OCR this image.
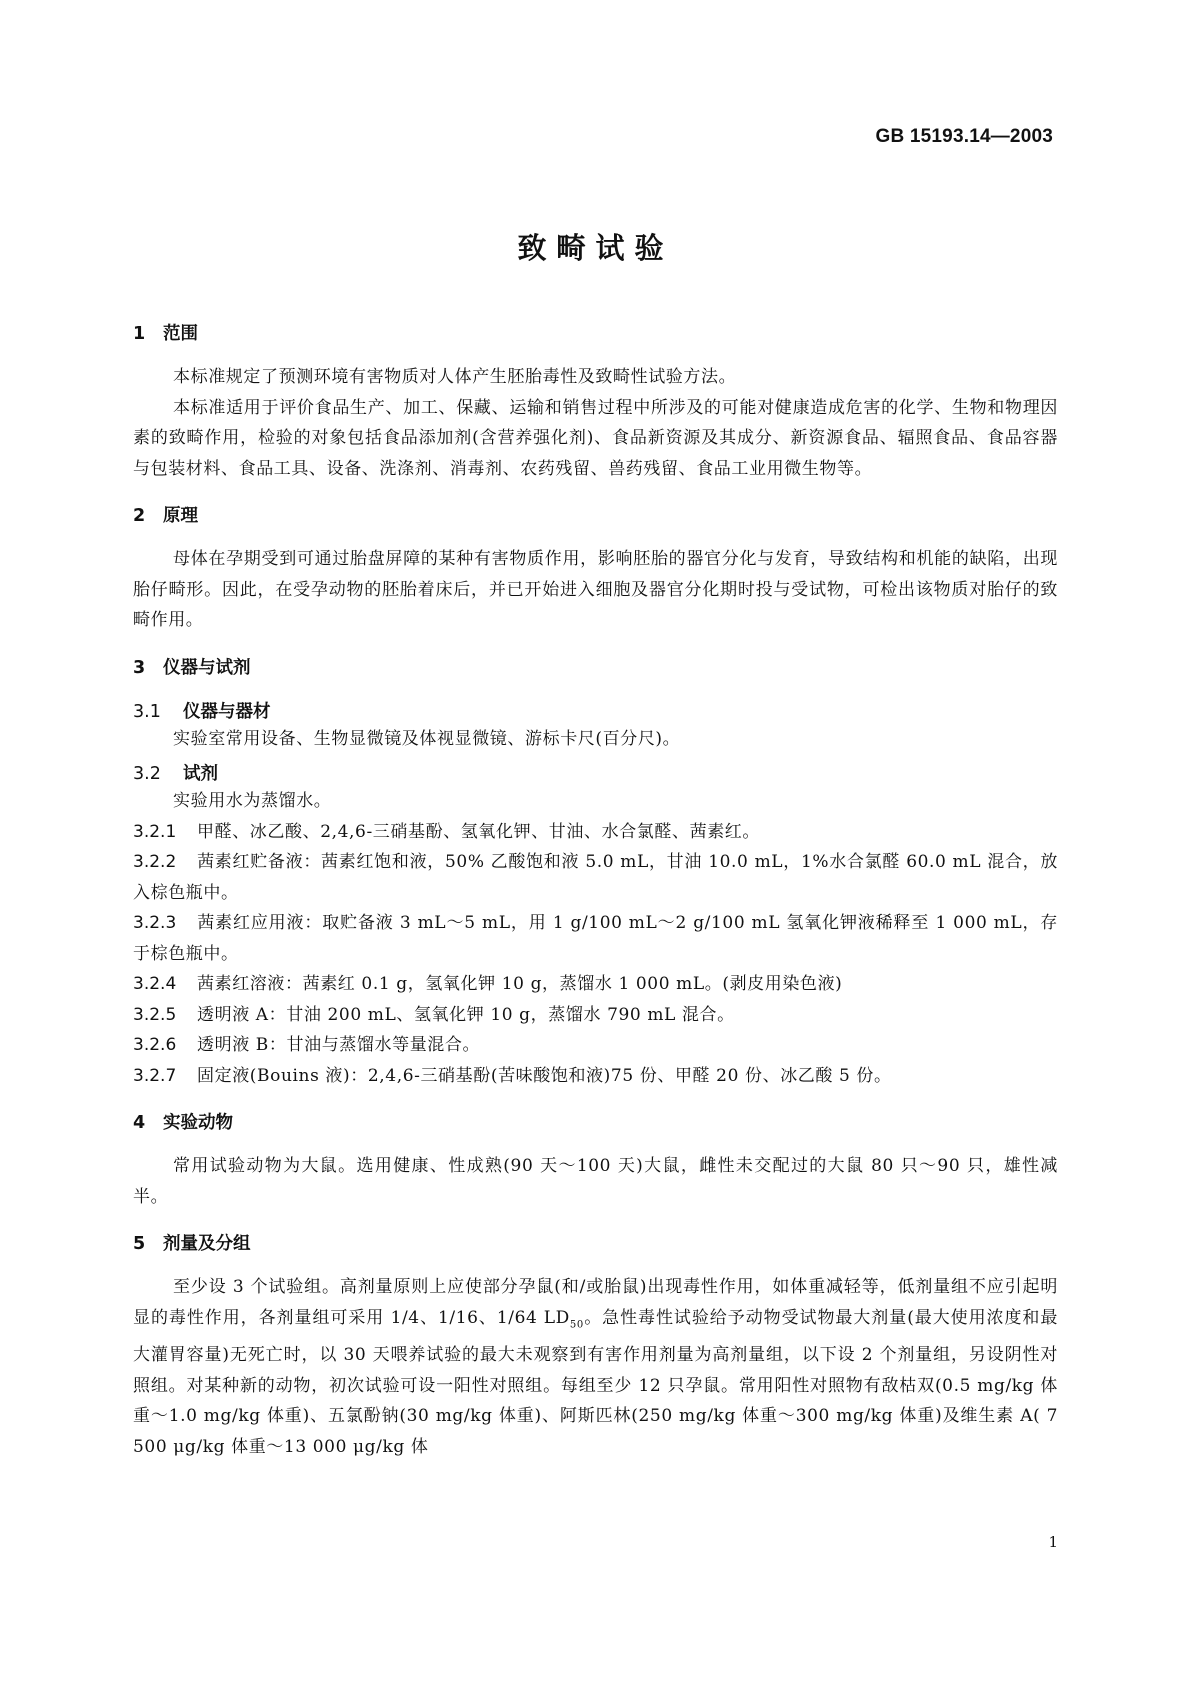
GB 15193.14—2003
致畸试验
1 范围

本标准规定了预测环境有害物质对人体产生胚胎毒性及致畸性试验方法。

本标准适用于评价食品生产、加工、保藏、运输和销售过程中所涉及的可能对健康造成危害的化学、生物和物理因素的致畸作用，检验的对象包括食品添加剂(含营养强化剂)、食品新资源及其成分、新资源食品、辐照食品、食品容器与包装材料、食品工具、设备、洗涤剂、消毒剂、农药残留、兽药残留、食品工业用微生物等。

2 原理

母体在孕期受到可通过胎盘屏障的某种有害物质作用，影响胚胎的器官分化与发育，导致结构和机能的缺陷，出现胎仔畸形。因此，在受孕动物的胚胎着床后，并已开始进入细胞及器官分化期时投与受试物，可检出该物质对胎仔的致畸作用。

3 仪器与试剂
3.1 仪器与器材

实验室常用设备、生物显微镜及体视显微镜、游标卡尺(百分尺)。

3.2 试剂

实验用水为蒸馏水。

3.2.1 甲醛、冰乙酸、2,4,6-三硝基酚、氢氧化钾、甘油、水合氯醛、茜素红。
3.2.2 茜素红贮备液：茜素红饱和液，50% 乙酸饱和液 5.0 mL，甘油 10.0 mL，1%水合氯醛 60.0 mL 混合，放入棕色瓶中。
3.2.3 茜素红应用液：取贮备液 3 mL～5 mL，用 1 g/100 mL～2 g/100 mL 氢氧化钾液稀释至 1 000 mL，存于棕色瓶中。
3.2.4 茜素红溶液：茜素红 0.1 g，氢氧化钾 10 g，蒸馏水 1 000 mL。(剥皮用染色液)
3.2.5 透明液 A：甘油 200 mL、氢氧化钾 10 g，蒸馏水 790 mL 混合。
3.2.6 透明液 B：甘油与蒸馏水等量混合。
3.2.7 固定液(Bouins 液)：2,4,6-三硝基酚(苦味酸饱和液)75 份、甲醛 20 份、冰乙酸 5 份。
4 实验动物

常用试验动物为大鼠。选用健康、性成熟(90 天～100 天)大鼠，雌性未交配过的大鼠 80 只～90 只，雄性减半。

5 剂量及分组

至少设 3 个试验组。高剂量原则上应使部分孕鼠(和/或胎鼠)出现毒性作用，如体重减轻等，低剂量组不应引起明显的毒性作用，各剂量组可采用 1/4、1/16、1/64 $LD_{50}$。急性毒性试验给予动物受试物最大剂量(最大使用浓度和最大灌胃容量)无死亡时，以 30 天喂养试验的最大未观察到有害作用剂量为高剂量组，以下设 2 个剂量组，另设阴性对照组。对某种新的动物，初次试验可设一阳性对照组。每组至少 12 只孕鼠。常用阳性对照物有敌枯双(0.5 mg/kg 体重～1.0 mg/kg 体重)、五氯酚钠(30 mg/kg 体重)、阿斯匹林(250 mg/kg 体重～300 mg/kg 体重)及维生素 A( 7 500 μg/kg 体重～13 000 μg/kg 体

1
